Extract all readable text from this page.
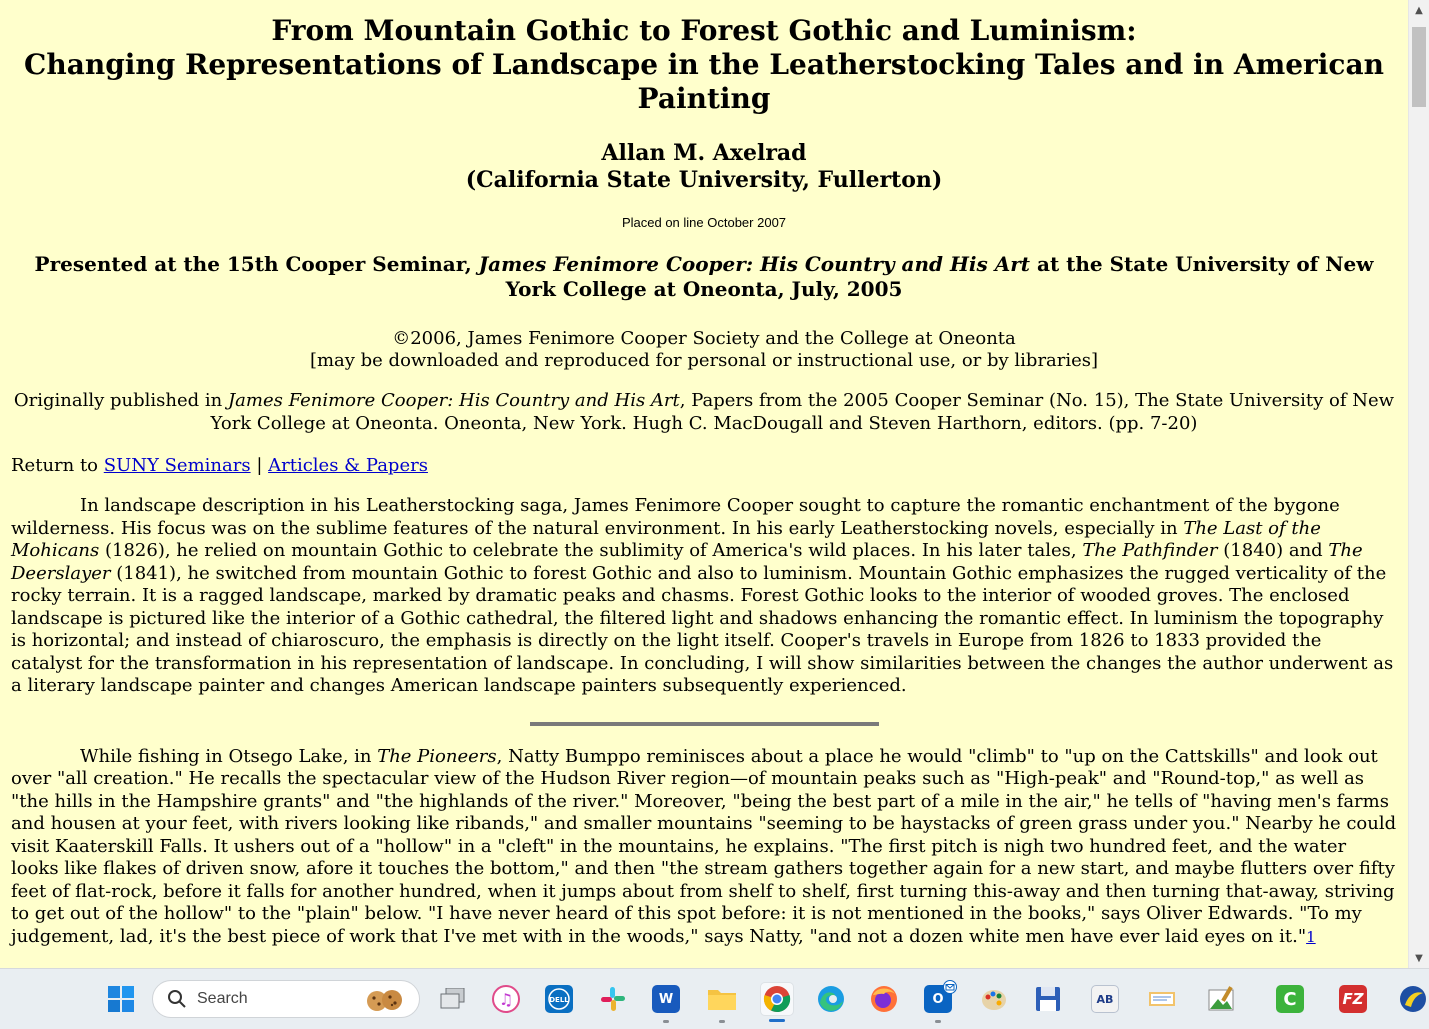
From Mountain Gothic to Forest Gothic and Luminism:
Changing Representations of Landscape in the Leatherstocking Tales and in American Painting
Allan M. Axelrad
(California State University, Fullerton)
Placed on line October 2007
Presented at the 15th Cooper Seminar, James Fenimore Cooper: His Country and His Art at the State University of New York College at Oneonta, July, 2005
©2006, James Fenimore Cooper Society and the College at Oneonta
[may be downloaded and reproduced for personal or instructional use, or by libraries]
Originally published in James Fenimore Cooper: His Country and His Art, Papers from the 2005 Cooper Seminar (No. 15), The State University of New York College at Oneonta. Oneonta, New York. Hugh C. MacDougall and Steven Harthorn, editors. (pp. 7-20)
Return to SUNY Seminars | Articles & Papers
In landscape description in his Leatherstocking saga, James Fenimore Cooper sought to capture the romantic enchantment of the bygone wilderness. His focus was on the sublime features of the natural environment. In his early Leatherstocking novels, especially in The Last of the Mohicans (1826), he relied on mountain Gothic to celebrate the sublimity of America's wild places. In his later tales, The Pathfinder (1840) and The Deerslayer (1841), he switched from mountain Gothic to forest Gothic and also to luminism. Mountain Gothic emphasizes the rugged verticality of the rocky terrain. It is a ragged landscape, marked by dramatic peaks and chasms. Forest Gothic looks to the interior of wooded groves. The enclosed landscape is pictured like the interior of a Gothic cathedral, the filtered light and shadows enhancing the romantic effect. In luminism the topography is horizontal; and instead of chiaroscuro, the emphasis is directly on the light itself. Cooper's travels in Europe from 1826 to 1833 provided the catalyst for the transformation in his representation of landscape. In concluding, I will show similarities between the changes the author underwent as a literary landscape painter and changes American landscape painters subsequently experienced.
While fishing in Otsego Lake, in The Pioneers, Natty Bumppo reminisces about a place he would "climb" to "up on the Cattskills" and look out over "all creation." He recalls the spectacular view of the Hudson River region—of mountain peaks such as "High-peak" and "Round-top," as well as "the hills in the Hampshire grants" and "the highlands of the river." Moreover, "being the best part of a mile in the air," he tells of "having men's farms and housen at your feet, with rivers looking like ribands," and smaller mountains "seeming to be haystacks of green grass under you." Nearby he could visit Kaaterskill Falls. It ushers out of a "hollow" in a "cleft" in the mountains, he explains. "The first pitch is nigh two hundred feet, and the water looks like flakes of driven snow, afore it touches the bottom," and then "the stream gathers together again for a new start, and maybe flutters over fifty feet of flat-rock, before it falls for another hundred, when it jumps about from shelf to shelf, first turning this-away and then turning that-away, striving to get out of the hollow" to the "plain" below. "I have never heard of this spot before: it is not mentioned in the books," says Oliver Edwards. "To my judgement, lad, it's the best piece of work that I've met with in the woods," says Natty, "and not a dozen white men have ever laid eyes on it."1
▲
▼
Search	♫	DELL	W	O	AB	C	FZ
